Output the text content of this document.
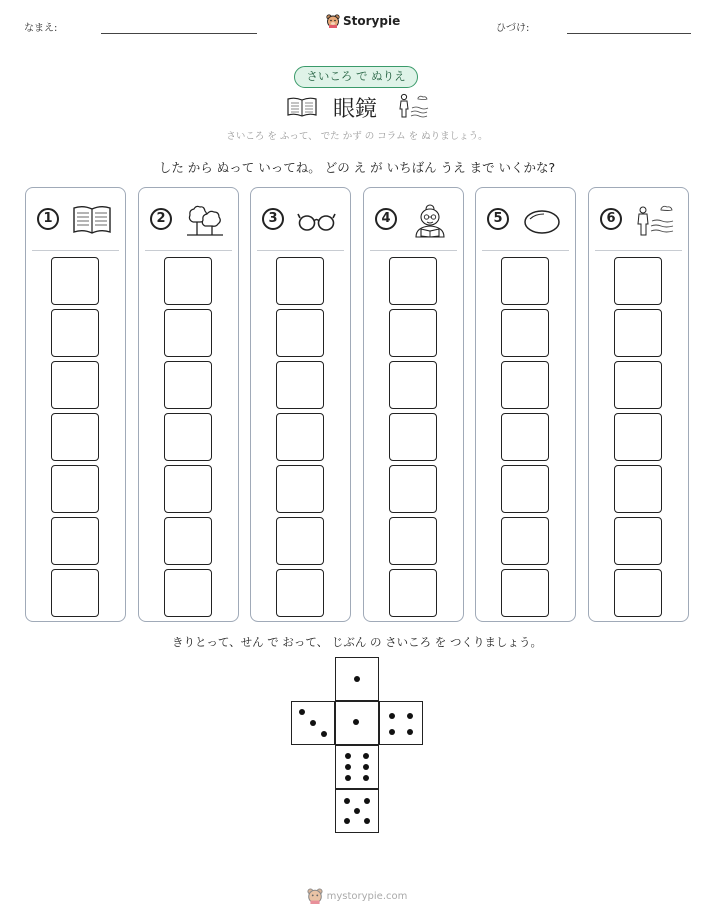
なまえ:
Storypie
ひづけ:
さいころ で ぬりえ
眼鏡
さいころ を ふって、 でた かず の コラム を ぬりましょう。
した から ぬって いってね。 どの え が いちばん うえ まで いくかな?
1	2	3	4	5	6
きりとって、せん で おって、 じぶん の さいころ を つくりましょう。
mystorypie.com
